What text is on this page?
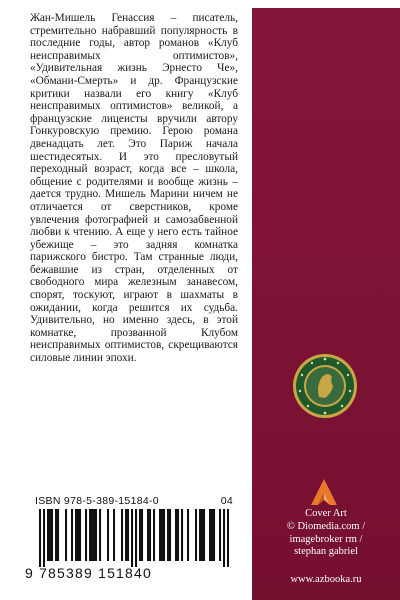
Жан-Мишель Генассия – писатель, стремительно набравший популярность в последние годы, автор романов «Клуб неисправимых оптимистов», «Удивительная жизнь Эрнесто Че», «Обмани-Смерть» и др. Французские критики назвали его книгу «Клуб неисправимых оптимистов» великой, а французские лицеисты вручили автору Гонкуровскую премию. Герою романа двенадцать лет. Это Париж начала шестидесятых. И это пресловутый переходный возраст, когда все – школа, общение с родителями и вообще жизнь – дается трудно. Мишель Марини ничем не отличается от сверстников, кроме увлечения фотографией и самозабвенной любви к чтению. А еще у него есть тайное убежище – это задняя комнатка парижского бистро. Там странные люди, бежавшие из стран, отделенных от свободного мира железным занавесом, спорят, тоскуют, играют в шахматы в ожидании, когда решится их судьба. Удивительно, но именно здесь, в этой комнатке, прозванной Клубом неисправимых оптимистов, скрещиваются силовые линии эпохи.
ISBN 978-5-389-15184-0	04
9 785389 151840
Cover Art
© Diomedia.com /
imagebroker rm /
stephan gabriel
www.azbooka.ru
